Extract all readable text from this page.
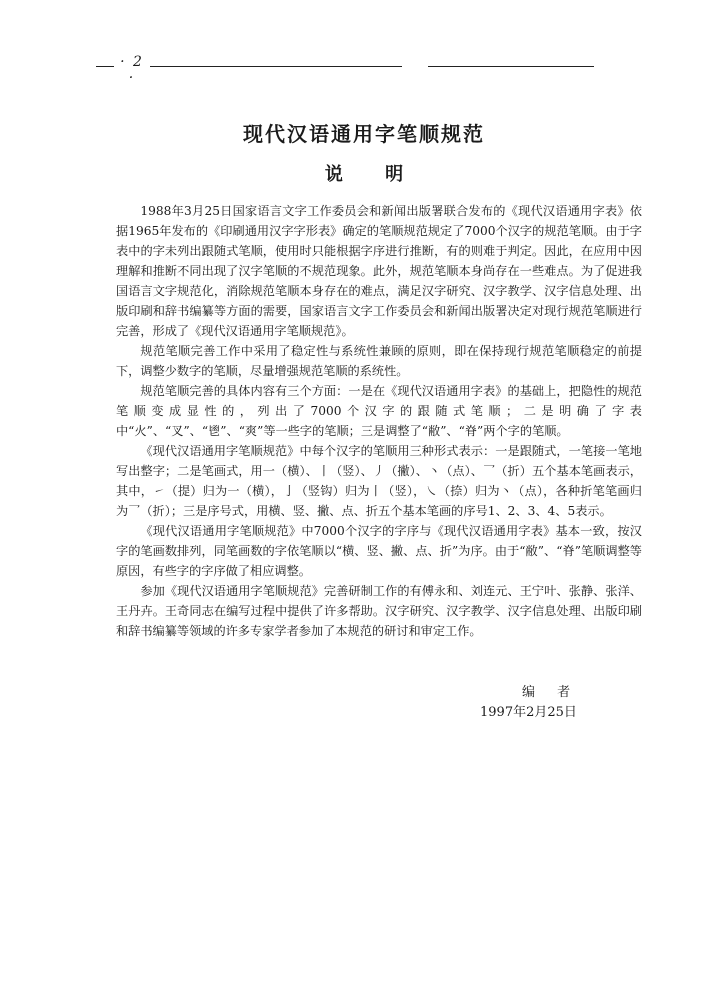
· 2 ·
现代汉语通用字笔顺规范
说 明

1988年3月25日国家语言文字工作委员会和新闻出版署联合发布的《现代汉语通用字表》依据1965年发布的《印刷通用汉字字形表》确定的笔顺规范规定了7000个汉字的规范笔顺。由于字表中的字未列出跟随式笔顺，使用时只能根据字序进行推断，有的则难于判定。因此，在应用中因理解和推断不同出现了汉字笔顺的不规范现象。此外，规范笔顺本身尚存在一些难点。为了促进我国语言文字规范化，消除规范笔顺本身存在的难点，满足汉字研究、汉字教学、汉字信息处理、出版印刷和辞书编纂等方面的需要，国家语言文字工作委员会和新闻出版署决定对现行规范笔顺进行完善，形成了《现代汉语通用字笔顺规范》。

规范笔顺完善工作中采用了稳定性与系统性兼顾的原则，即在保持现行规范笔顺稳定的前提下，调整少数字的笔顺，尽量增强规范笔顺的系统性。

规范笔顺完善的具体内容有三个方面：一是在《现代汉语通用字表》的基础上，把隐性的规范笔顺变成显性的，列出了7000个汉字的跟随式笔顺；二是明确了字表中“火”、“叉”、“鬯”、“爽”等一些字的笔顺；三是调整了“敝”、“脊”两个字的笔顺。

《现代汉语通用字笔顺规范》中每个汉字的笔顺用三种形式表示：一是跟随式，一笔接一笔地写出整字；二是笔画式，用一（横）、丨（竖）、丿（撇）、丶（点）、乛（折）五个基本笔画表示，其中，㇀（提）归为一（横），亅（竖钩）归为丨（竖），㇏（捺）归为丶（点），各种折笔笔画归为乛（折）；三是序号式，用横、竖、撇、点、折五个基本笔画的序号1、2、3、4、5表示。

《现代汉语通用字笔顺规范》中7000个汉字的字序与《现代汉语通用字表》基本一致，按汉字的笔画数排列，同笔画数的字依笔顺以“横、竖、撇、点、折”为序。由于“敝”、“脊”笔顺调整等原因，有些字的字序做了相应调整。

参加《现代汉语通用字笔顺规范》完善研制工作的有傅永和、刘连元、王宁叶、张静、张洋、王丹卉。王奇同志在编写过程中提供了许多帮助。汉字研究、汉字教学、汉字信息处理、出版印刷和辞书编纂等领域的许多专家学者参加了本规范的研讨和审定工作。

编 者
1997年2月25日
